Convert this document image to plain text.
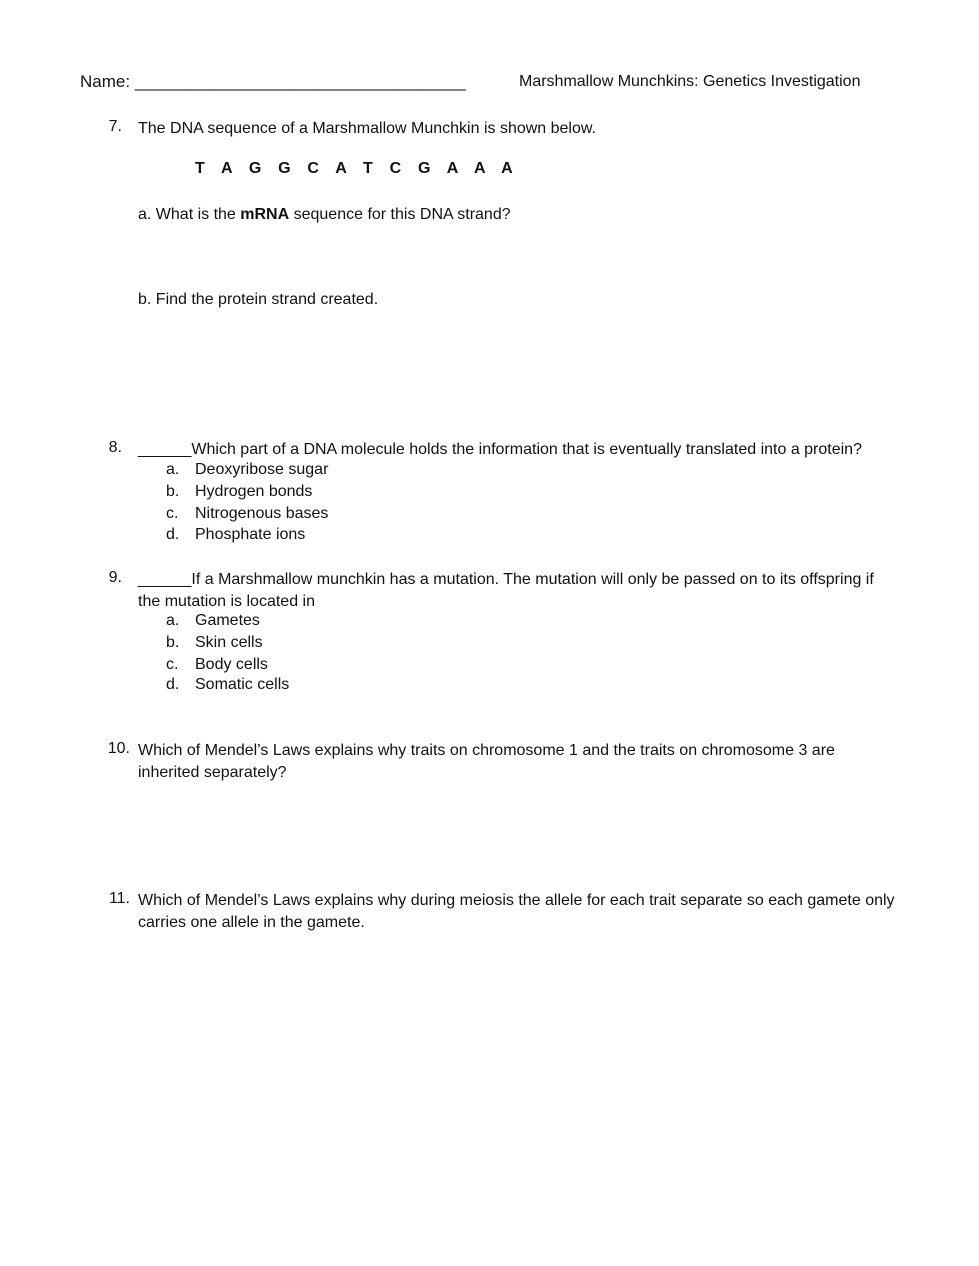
Name: ___________________________________	Marshmallow Munchkins: Genetics Investigation
7. The DNA sequence of a Marshmallow Munchkin is shown below.
T A G G C A T C G A A A
a. What is the mRNA sequence for this DNA strand?
b. Find the protein strand created.
8. ______Which part of a DNA molecule holds the information that is eventually translated into a protein?
a. Deoxyribose sugar
b. Hydrogen bonds
c. Nitrogenous bases
d. Phosphate ions
9. ______If a Marshmallow munchkin has a mutation. The mutation will only be passed on to its offspring if
the mutation is located in
a. Gametes
b. Skin cells
c. Body cells
d. Somatic cells
10. Which of Mendel’s Laws explains why traits on chromosome 1 and the traits on chromosome 3 are
inherited separately?
11. Which of Mendel’s Laws explains why during meiosis the allele for each trait separate so each gamete only
carries one allele in the gamete.
